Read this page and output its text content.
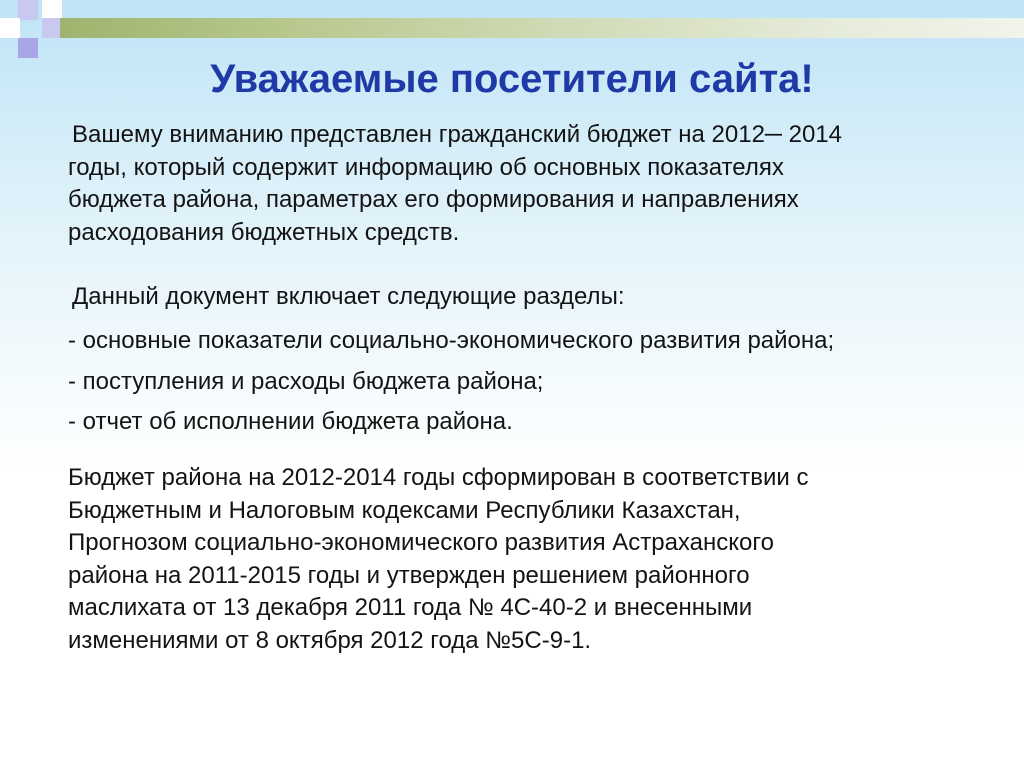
Уважаемые посетители сайта!

Вашему вниманию представлен гражданский бюджет на 2012─ 2014
годы, который содержит информацию об основных показателях
бюджета района, параметрах его формирования и направлениях
расходования бюджетных средств.

Данный документ включает следующие разделы:

- основные показатели социально-экономического развития района;
- поступления и расходы бюджета района;
- отчет об исполнении бюджета района.

Бюджет района на 2012-2014 годы сформирован в соответствии с
Бюджетным и Налоговым кодексами Республики Казахстан,
Прогнозом социально-экономического развития Астраханского
района на 2011-2015 годы и утвержден решением районного
маслихата от 13 декабря 2011 года № 4С-40-2 и внесенными
изменениями от 8 октября 2012 года №5С-9-1.
